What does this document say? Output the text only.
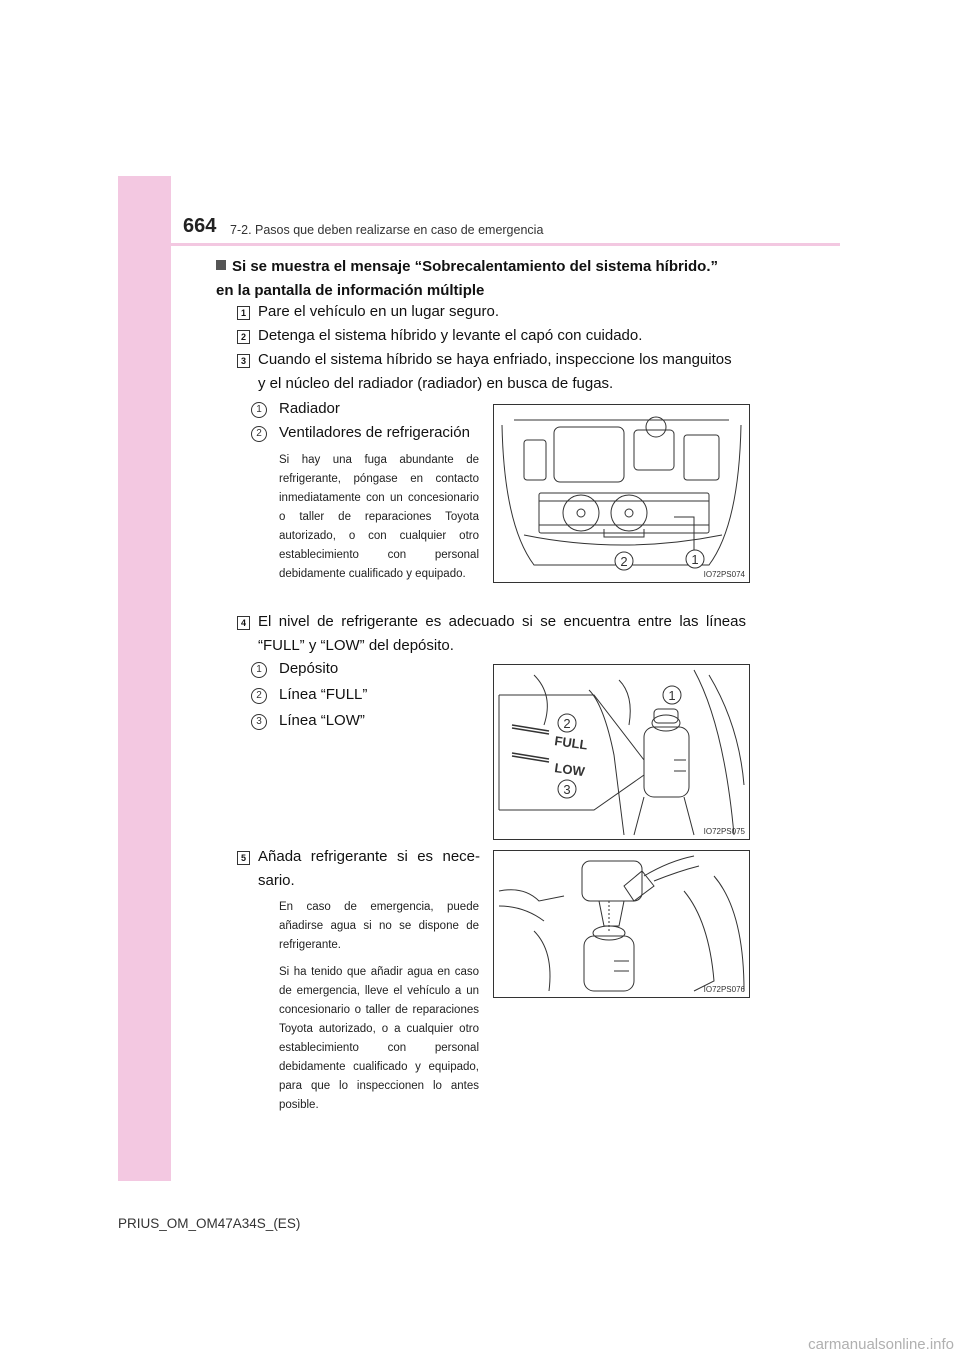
664 7-2. Pasos que deben realizarse en caso de emergencia
Si se muestra el mensaje “Sobrecalentamiento del sistema híbrido.”
en la pantalla de información múltiple
1 Pare el vehículo en un lugar seguro.
2 Detenga el sistema híbrido y levante el capó con cuidado.
3 Cuando el sistema híbrido se haya enfriado, inspeccione los manguitos
y el núcleo del radiador (radiador) en busca de fugas.
1	Radiador
2	Ventiladores de refrigeración

Si hay una fuga abundante de refrigerante, póngase en contacto inmediatamente con un concesionario o taller de reparaciones Toyota autorizado, o con cualquier otro establecimiento con personal debidamente cualificado y equipado.

2	1
IO72PS074
4 El nivel de refrigerante es adecuado si se encuentra entre las líneas
“FULL” y “LOW” del depósito.
1	Depósito
2	Línea “FULL”
3	Línea “LOW”
FULL
LOW
2
3
1
IO72PS075
5 Añada refrigerante si es nece-
sario.

En caso de emergencia, puede añadirse agua si no se dispone de refrigerante.

Si ha tenido que añadir agua en caso de emergencia, lleve el vehículo a un concesionario o taller de reparaciones Toyota autorizado, o a cualquier otro establecimiento con personal debidamente cualificado y equipado, para que lo inspeccionen lo antes posible.

IO72PS076
PRIUS_OM_OM47A34S_(ES)
carmanualsonline.info
